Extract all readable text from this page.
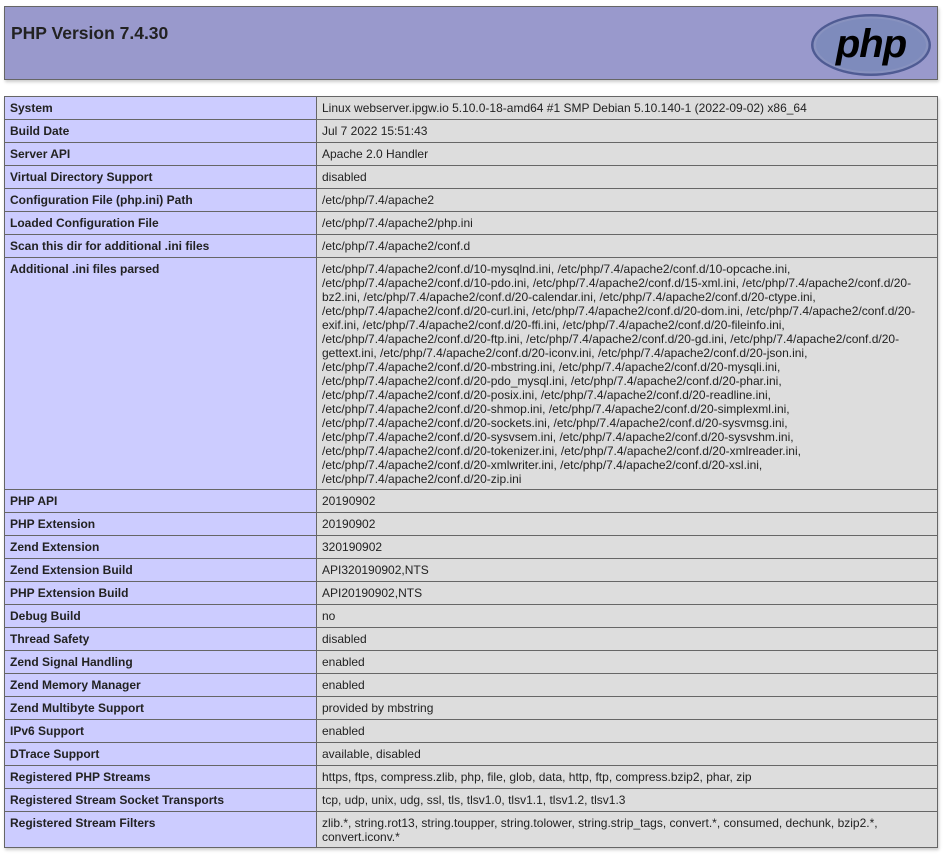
PHP Version 7.4.30	php
System	Linux webserver.ipgw.io 5.10.0-18-amd64 #1 SMP Debian 5.10.140-1 (2022-09-02) x86_64
Build Date	Jul 7 2022 15:51:43
Server API	Apache 2.0 Handler
Virtual Directory Support	disabled
Configuration File (php.ini) Path	/etc/php/7.4/apache2
Loaded Configuration File	/etc/php/7.4/apache2/php.ini
Scan this dir for additional .ini files	/etc/php/7.4/apache2/conf.d
Additional .ini files parsed	/etc/php/7.4/apache2/conf.d/10-mysqlnd.ini, /etc/php/7.4/apache2/conf.d/10-opcache.ini, /etc/php/7.4/apache2/conf.d/10-pdo.ini, /etc/php/7.4/apache2/conf.d/15-xml.ini, /etc/php/7.4/apache2/conf.d/20-bz2.ini, /etc/php/7.4/apache2/conf.d/20-calendar.ini, /etc/php/7.4/apache2/conf.d/20-ctype.ini, /etc/php/7.4/apache2/conf.d/20-curl.ini, /etc/php/7.4/apache2/conf.d/20-dom.ini, /etc/php/7.4/apache2/conf.d/20-exif.ini, /etc/php/7.4/apache2/conf.d/20-ffi.ini, /etc/php/7.4/apache2/conf.d/20-fileinfo.ini, /etc/php/7.4/apache2/conf.d/20-ftp.ini, /etc/php/7.4/apache2/conf.d/20-gd.ini, /etc/php/7.4/apache2/conf.d/20-gettext.ini, /etc/php/7.4/apache2/conf.d/20-iconv.ini, /etc/php/7.4/apache2/conf.d/20-json.ini, /etc/php/7.4/apache2/conf.d/20-mbstring.ini, /etc/php/7.4/apache2/conf.d/20-mysqli.ini, /etc/php/7.4/apache2/conf.d/20-pdo_mysql.ini, /etc/php/7.4/apache2/conf.d/20-phar.ini, /etc/php/7.4/apache2/conf.d/20-posix.ini, /etc/php/7.4/apache2/conf.d/20-readline.ini, /etc/php/7.4/apache2/conf.d/20-shmop.ini, /etc/php/7.4/apache2/conf.d/20-simplexml.ini, /etc/php/7.4/apache2/conf.d/20-sockets.ini, /etc/php/7.4/apache2/conf.d/20-sysvmsg.ini, /etc/php/7.4/apache2/conf.d/20-sysvsem.ini, /etc/php/7.4/apache2/conf.d/20-sysvshm.ini, /etc/php/7.4/apache2/conf.d/20-tokenizer.ini, /etc/php/7.4/apache2/conf.d/20-xmlreader.ini, /etc/php/7.4/apache2/conf.d/20-xmlwriter.ini, /etc/php/7.4/apache2/conf.d/20-xsl.ini, /etc/php/7.4/apache2/conf.d/20-zip.ini
PHP API	20190902
PHP Extension	20190902
Zend Extension	320190902
Zend Extension Build	API320190902,NTS
PHP Extension Build	API20190902,NTS
Debug Build	no
Thread Safety	disabled
Zend Signal Handling	enabled
Zend Memory Manager	enabled
Zend Multibyte Support	provided by mbstring
IPv6 Support	enabled
DTrace Support	available, disabled
Registered PHP Streams	https, ftps, compress.zlib, php, file, glob, data, http, ftp, compress.bzip2, phar, zip
Registered Stream Socket Transports	tcp, udp, unix, udg, ssl, tls, tlsv1.0, tlsv1.1, tlsv1.2, tlsv1.3
Registered Stream Filters	zlib.*, string.rot13, string.toupper, string.tolower, string.strip_tags, convert.*, consumed, dechunk, bzip2.*, convert.iconv.*
